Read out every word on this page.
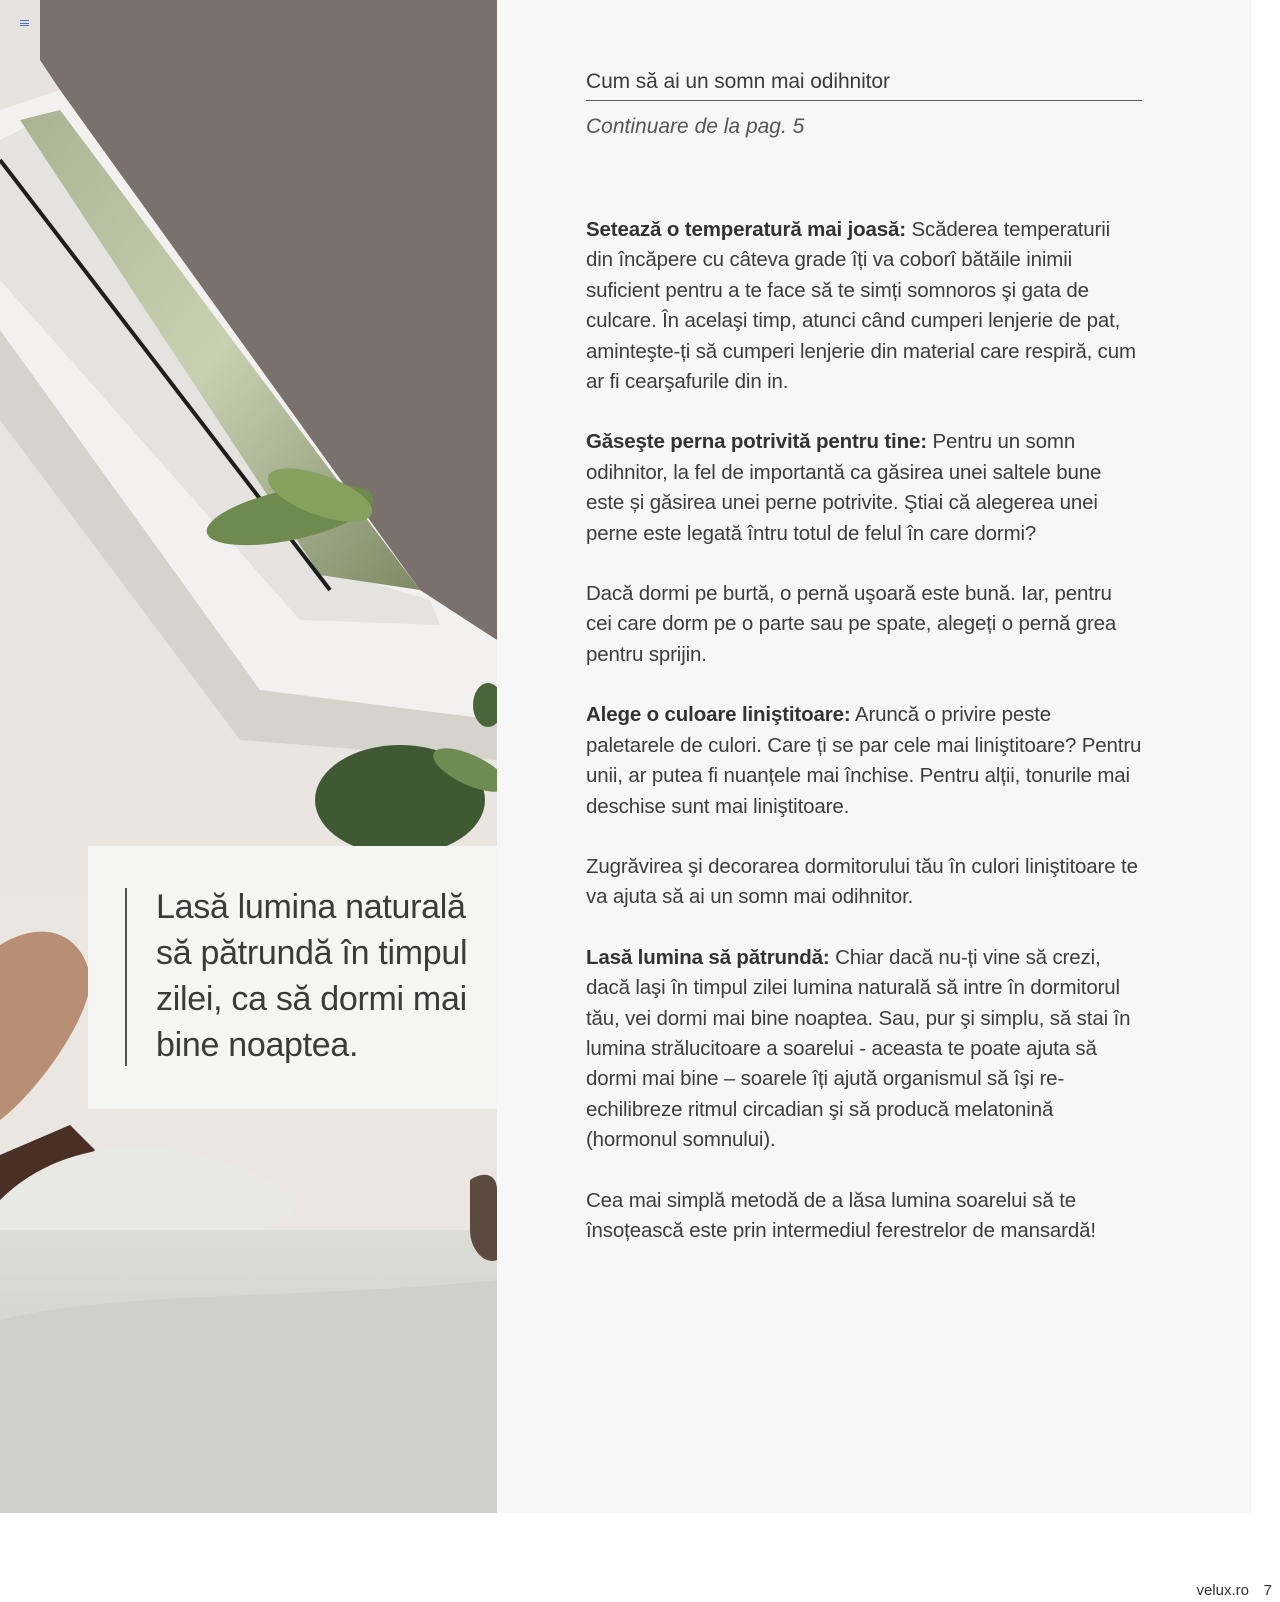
Cum să ai un somn mai odihnitor
Continuare de la pag. 5

Setează o temperatură mai joasă: Scăderea temperaturii din încăpere cu câteva grade îți va coborî bătăile inimii suficient pentru a te face să te simți somnoros şi gata de culcare. În acelaşi timp, atunci când cumperi lenjerie de pat, aminteşte-ți să cumperi lenjerie din material care respiră, cum ar fi cearşafurile din in.

Găseşte perna potrivită pentru tine: Pentru un somn odihnitor, la fel de importantă ca găsirea unei saltele bune este și găsirea unei perne potrivite. Ştiai că alegerea unei perne este legată întru totul de felul în care dormi?

Dacă dormi pe burtă, o pernă uşoară este bună. Iar, pentru cei care dorm pe o parte sau pe spate, alegeți o pernă grea pentru sprijin.

Alege o culoare liniştitoare: Aruncă o privire peste paletarele de culori. Care ți se par cele mai liniştitoare? Pentru unii, ar putea fi nuanțele mai închise. Pentru alții, tonurile mai deschise sunt mai liniştitoare.

Zugrăvirea şi decorarea dormitorului tău în culori liniştitoare te va ajuta să ai un somn mai odihnitor.

Lasă lumina să pătrundă: Chiar dacă nu-ți vine să crezi, dacă laşi în timpul zilei lumina naturală să intre în dormitorul tău, vei dormi mai bine noaptea. Sau, pur şi simplu, să stai în lumina strălucitoare a soarelui - aceasta te poate ajuta să dormi mai bine – soarele îți ajută organismul să îşi re-echilibreze ritmul circadian şi să producă melatonină (hormonul somnului).

Cea mai simplă metodă de a lăsa lumina soarelui să te însoțească este prin intermediul ferestrelor de mansardă!

Lasă lumina naturală să pătrundă în timpul zilei, ca să dormi mai bine noaptea.
velux.ro 7
